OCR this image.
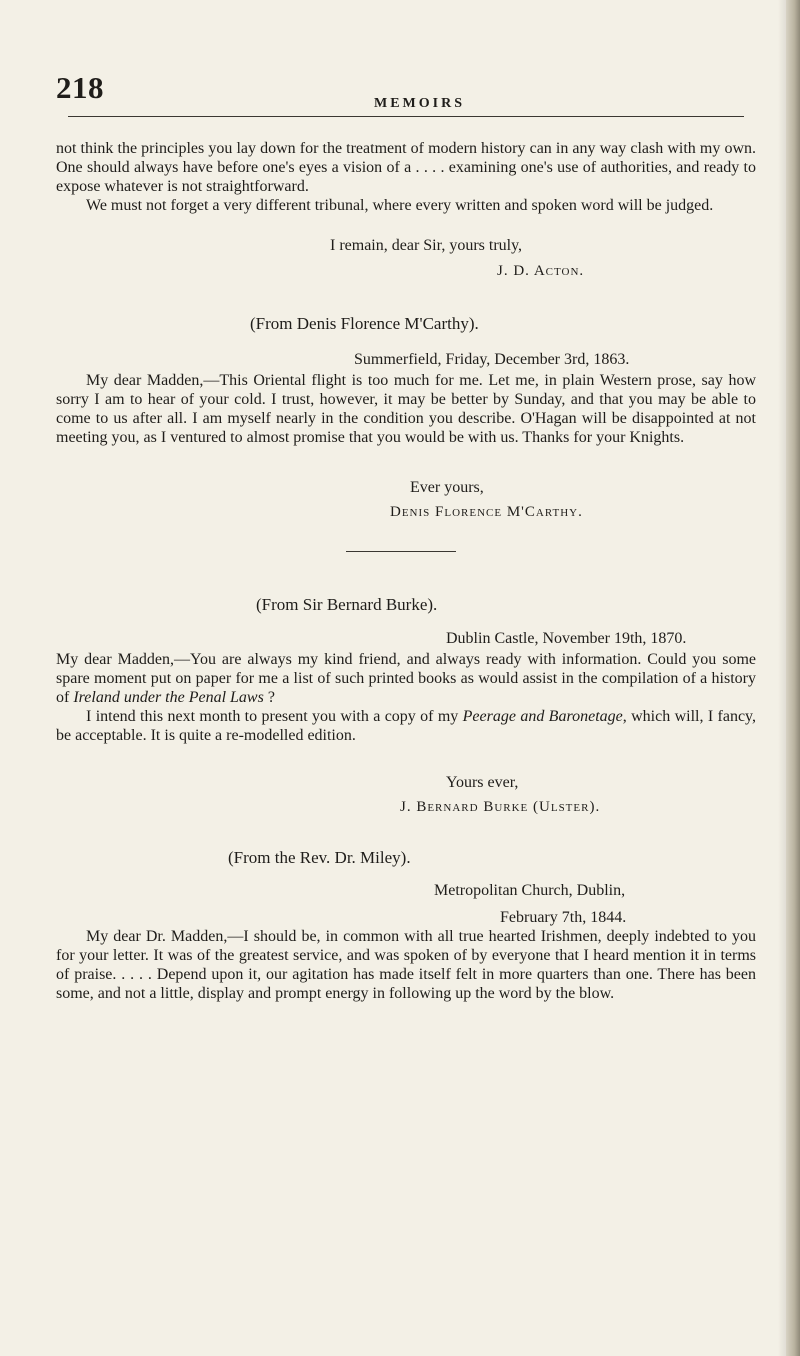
218	MEMOIRS

not think the principles you lay down for the treatment of modern history can in any way clash with my own. One should always have before one's eyes a vision of a . . . . examining one's use of authorities, and ready to expose whatever is not straightforward.

We must not forget a very different tribunal, where every written and spoken word will be judged.

I remain, dear Sir, yours truly,
J. D. Acton.
(From Denis Florence M'Carthy).
Summerfield, Friday, December 3rd, 1863.

My dear Madden,—This Oriental flight is too much for me. Let me, in plain Western prose, say how sorry I am to hear of your cold. I trust, however, it may be better by Sunday, and that you may be able to come to us after all. I am myself nearly in the condition you describe. O'Hagan will be disappointed at not meeting you, as I ventured to almost promise that you would be with us. Thanks for your Knights.

Ever yours,
Denis Florence M'Carthy.
(From Sir Bernard Burke).
Dublin Castle, November 19th, 1870.

My dear Madden,—You are always my kind friend, and always ready with information. Could you some spare moment put on paper for me a list of such printed books as would assist in the compilation of a history of Ireland under the Penal Laws ?

I intend this next month to present you with a copy of my Peerage and Baronetage, which will, I fancy, be acceptable. It is quite a re-modelled edition.

Yours ever,
J. Bernard Burke (Ulster).
(From the Rev. Dr. Miley).
Metropolitan Church, Dublin,
February 7th, 1844.

My dear Dr. Madden,—I should be, in common with all true hearted Irishmen, deeply indebted to you for your letter. It was of the greatest service, and was spoken of by everyone that I heard mention it in terms of praise. . . . . Depend upon it, our agitation has made itself felt in more quarters than one. There has been some, and not a little, display and prompt energy in following up the word by the blow.
